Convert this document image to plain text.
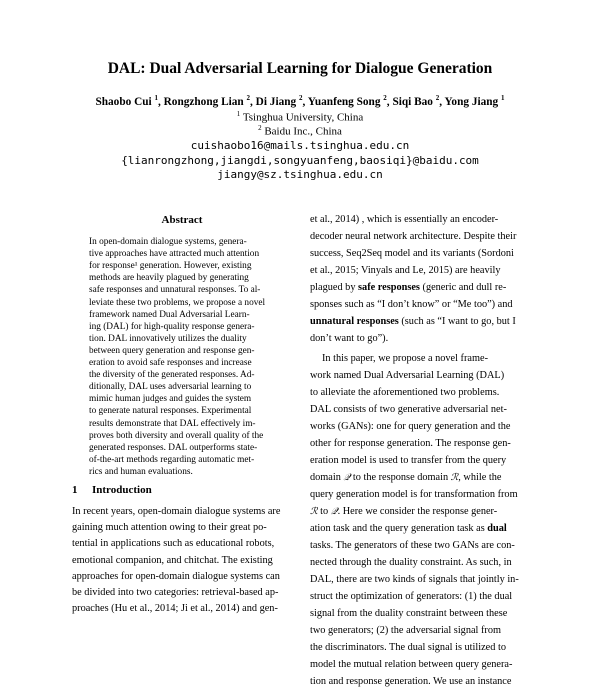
DAL: Dual Adversarial Learning for Dialogue Generation
Shaobo Cui $^1$, Rongzhong Lian $^2$, Di Jiang $^2$, Yuanfeng Song $^2$, Siqi Bao $^2$, Yong Jiang $^1$
$^1$ Tsinghua University, China
$^2$ Baidu Inc., China
cuishaobo16@mails.tsinghua.edu.cn
{lianrongzhong,jiangdi,songyuanfeng,baosiqi}@baidu.com
jiangy@sz.tsinghua.edu.cn
Abstract
In open-domain dialogue systems, genera-
tive approaches have attracted much attention
for response¹ generation. However, existing
methods are heavily plagued by generating
safe responses and unnatural responses. To al-
leviate these two problems, we propose a novel
framework named Dual Adversarial Learn-
ing (DAL) for high-quality response genera-
tion. DAL innovatively utilizes the duality
between query generation and response gen-
eration to avoid safe responses and increase
the diversity of the generated responses. Ad-
ditionally, DAL uses adversarial learning to
mimic human judges and guides the system
to generate natural responses. Experimental
results demonstrate that DAL effectively im-
proves both diversity and overall quality of the
generated responses. DAL outperforms state-
of-the-art methods regarding automatic met-
rics and human evaluations.
1 Introduction
In recent years, open-domain dialogue systems are
gaining much attention owing to their great po-
tential in applications such as educational robots,
emotional companion, and chitchat. The existing
approaches for open-domain dialogue systems can
be divided into two categories: retrieval-based ap-
proaches (Hu et al., 2014; Ji et al., 2014) and gen-
et al., 2014) , which is essentially an encoder-
decoder neural network architecture. Despite their
success, Seq2Seq model and its variants (Sordoni
et al., 2015; Vinyals and Le, 2015) are heavily
plagued by safe responses (generic and dull re-
sponses such as “I don’t know” or “Me too”) and
unnatural responses (such as “I want to go, but I
don’t want to go”).
In this paper, we propose a novel frame-
work named Dual Adversarial Learning (DAL)
to alleviate the aforementioned two problems.
DAL consists of two generative adversarial net-
works (GANs): one for query generation and the
other for response generation. The response gen-
eration model is used to transfer from the query
domain 𝒬 to the response domain ℛ, while the
query generation model is for transformation from
ℛ to 𝒬. Here we consider the response gener-
ation task and the query generation task as dual
tasks. The generators of these two GANs are con-
nected through the duality constraint. As such, in
DAL, there are two kinds of signals that jointly in-
struct the optimization of generators: (1) the dual
signal from the duality constraint between these
two generators; (2) the adversarial signal from
the discriminators. The dual signal is utilized to
model the mutual relation between query genera-
tion and response generation. We use an instance
